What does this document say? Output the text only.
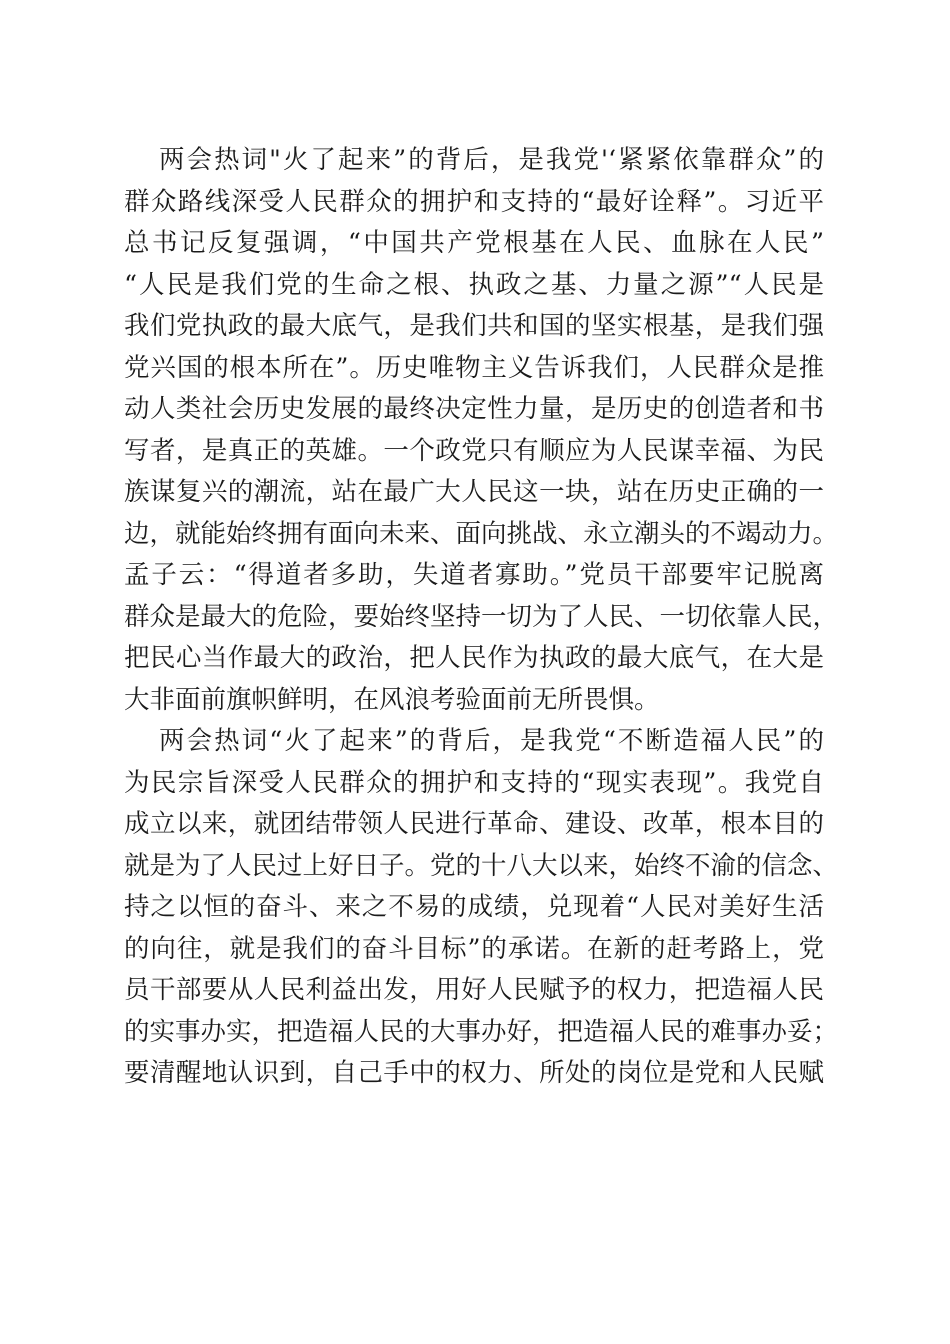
两会热词"火了起来”的背后，是我党'‘紧紧依靠群众”的
群众路线深受人民群众的拥护和支持的“最好诠释”。习近平
总书记反复强调，“中国共产党根基在人民、血脉在人民”
“人民是我们党的生命之根、执政之基、力量之源”“人民是
我们党执政的最大底气，是我们共和国的坚实根基，是我们强
党兴国的根本所在”。历史唯物主义告诉我们，人民群众是推
动人类社会历史发展的最终决定性力量，是历史的创造者和书
写者，是真正的英雄。一个政党只有顺应为人民谋幸福、为民
族谋复兴的潮流，站在最广大人民这一块，站在历史正确的一
边，就能始终拥有面向未来、面向挑战、永立潮头的不竭动力。
孟子云：“得道者多助，失道者寡助。”党员干部要牢记脱离
群众是最大的危险，要始终坚持一切为了人民、一切依靠人民，
把民心当作最大的政治，把人民作为执政的最大底气，在大是
大非面前旗帜鲜明，在风浪考验面前无所畏惧。
两会热词“火了起来”的背后，是我党“不断造福人民”的
为民宗旨深受人民群众的拥护和支持的“现实表现”。我党自
成立以来，就团结带领人民进行革命、建设、改革，根本目的
就是为了人民过上好日子。党的十八大以来，始终不渝的信念、
持之以恒的奋斗、来之不易的成绩，兑现着“人民对美好生活
的向往，就是我们的奋斗目标”的承诺。在新的赶考路上，党
员干部要从人民利益出发，用好人民赋予的权力，把造福人民
的实事办实，把造福人民的大事办好，把造福人民的难事办妥；
要清醒地认识到，自己手中的权力、所处的岗位是党和人民赋
